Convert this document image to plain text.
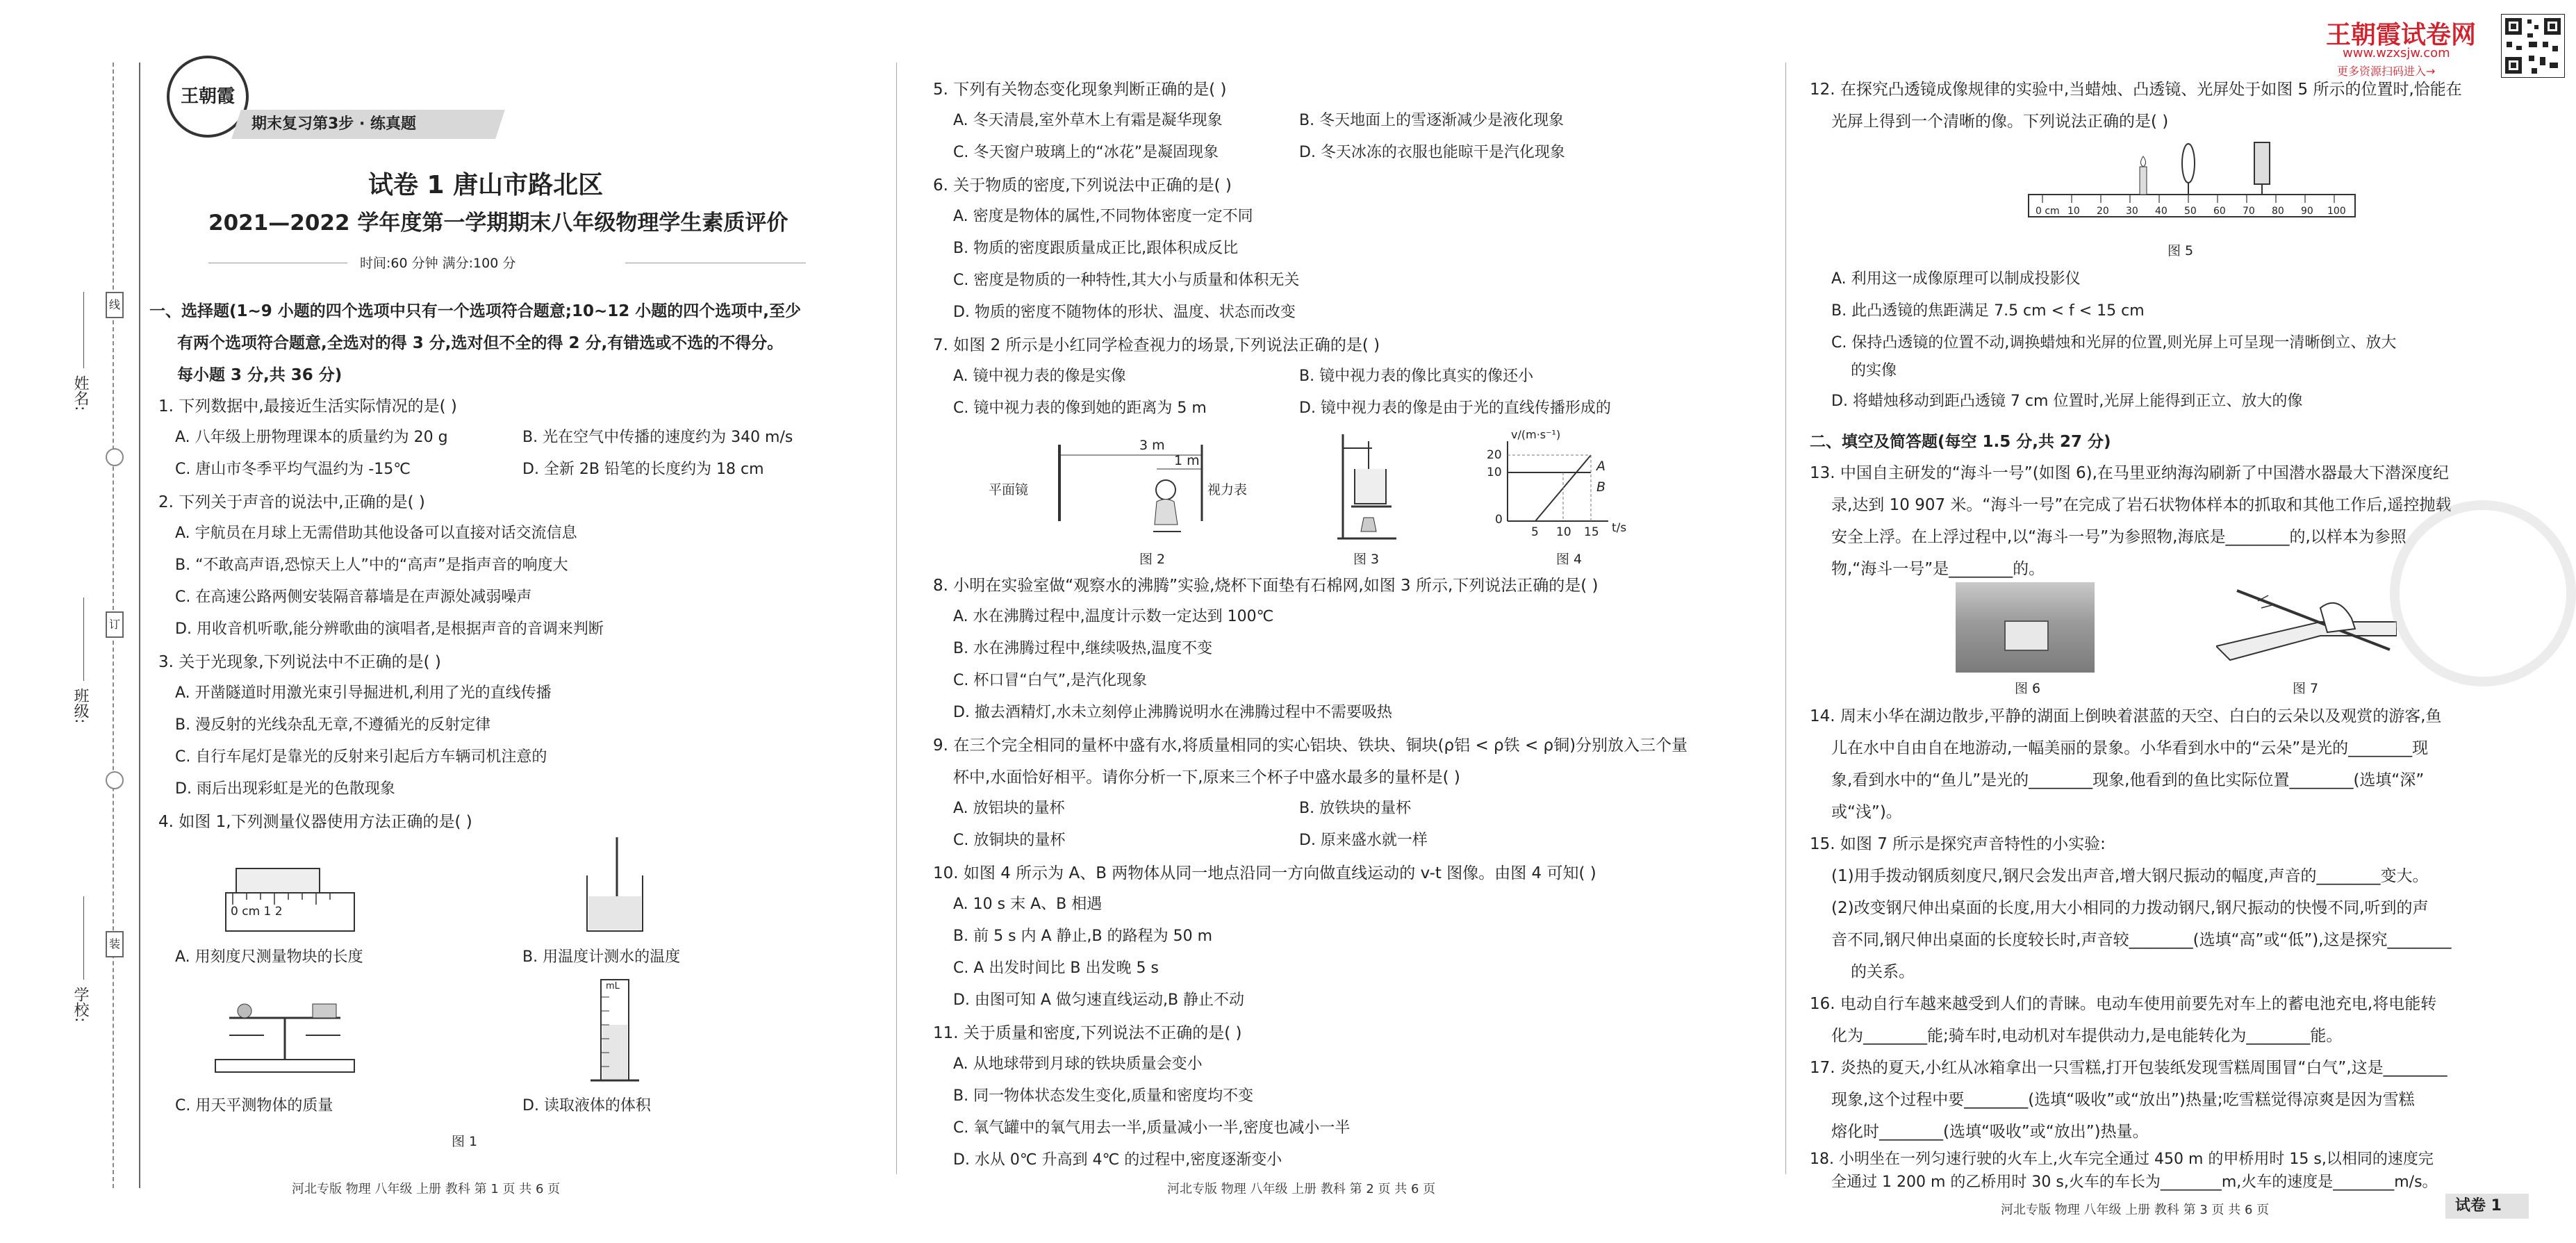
线
订
装
姓名:
班级:
学校:
王朝霞
期末复习第3步 · 练真题
试卷 1 唐山市路北区
2021—2022 学年度第一学期期末八年级物理学生素质评价
时间:60 分钟 满分:100 分
一、选择题(1~9 小题的四个选项中只有一个选项符合题意;10~12 小题的四个选项中,至少
有两个选项符合题意,全选对的得 3 分,选对但不全的得 2 分,有错选或不选的不得分。
每小题 3 分,共 36 分)
1. 下列数据中,最接近生活实际情况的是( )
A. 八年级上册物理课本的质量约为 20 g	B. 光在空气中传播的速度约为 340 m/s
C. 唐山市冬季平均气温约为 -15℃	D. 全新 2B 铅笔的长度约为 18 cm
2. 下列关于声音的说法中,正确的是( )
A. 宇航员在月球上无需借助其他设备可以直接对话交流信息
B. “不敢高声语,恐惊天上人”中的“高声”是指声音的响度大
C. 在高速公路两侧安装隔音幕墙是在声源处减弱噪声
D. 用收音机听歌,能分辨歌曲的演唱者,是根据声音的音调来判断
3. 关于光现象,下列说法中不正确的是( )
A. 开凿隧道时用激光束引导掘进机,利用了光的直线传播
B. 漫反射的光线杂乱无章,不遵循光的反射定律
C. 自行车尾灯是靠光的反射来引起后方车辆司机注意的
D. 雨后出现彩虹是光的色散现象
4. 如图 1,下列测量仪器使用方法正确的是( )
0 cm 1 2
A. 用刻度尺测量物块的长度	B. 用温度计测水的温度
C. 用天平测物体的质量
mL
D. 读取液体的体积
图 1
河北专版 物理 八年级 上册 教科 第 1 页 共 6 页
5. 下列有关物态变化现象判断正确的是( )
A. 冬天清晨,室外草木上有霜是凝华现象	B. 冬天地面上的雪逐渐减少是液化现象
C. 冬天窗户玻璃上的“冰花”是凝固现象	D. 冬天冰冻的衣服也能晾干是汽化现象
6. 关于物质的密度,下列说法中正确的是( )
A. 密度是物体的属性,不同物体密度一定不同
B. 物质的密度跟质量成正比,跟体积成反比
C. 密度是物质的一种特性,其大小与质量和体积无关
D. 物质的密度不随物体的形状、温度、状态而改变
7. 如图 2 所示是小红同学检查视力的场景,下列说法正确的是( )
A. 镜中视力表的像是实像	B. 镜中视力表的像比真实的像还小
C. 镜中视力表的像到她的距离为 5 m	D. 镜中视力表的像是由于光的直线传播形成的
3 m
1 m
平面镜	视力表
图 2	图 3
v/(m·s⁻¹)
20
10
0
5 10 15 t/s
A
B
图 4
8. 小明在实验室做“观察水的沸腾”实验,烧杯下面垫有石棉网,如图 3 所示,下列说法正确的是( )
A. 水在沸腾过程中,温度计示数一定达到 100℃
B. 水在沸腾过程中,继续吸热,温度不变
C. 杯口冒“白气”,是汽化现象
D. 撤去酒精灯,水未立刻停止沸腾说明水在沸腾过程中不需要吸热
9. 在三个完全相同的量杯中盛有水,将质量相同的实心铝块、铁块、铜块(ρ铝 < ρ铁 < ρ铜)分别放入三个量
杯中,水面恰好相平。请你分析一下,原来三个杯子中盛水最多的量杯是( )
A. 放铝块的量杯	B. 放铁块的量杯
C. 放铜块的量杯	D. 原来盛水就一样
10. 如图 4 所示为 A、B 两物体从同一地点沿同一方向做直线运动的 v-t 图像。由图 4 可知( )
A. 10 s 末 A、B 相遇
B. 前 5 s 内 A 静止,B 的路程为 50 m
C. A 出发时间比 B 出发晚 5 s
D. 由图可知 A 做匀速直线运动,B 静止不动
11. 关于质量和密度,下列说法不正确的是( )
A. 从地球带到月球的铁块质量会变小
B. 同一物体状态发生变化,质量和密度均不变
C. 氧气罐中的氧气用去一半,质量减小一半,密度也减小一半
D. 水从 0℃ 升高到 4℃ 的过程中,密度逐渐变小
河北专版 物理 八年级 上册 教科 第 2 页 共 6 页
王朝霞试卷网
www.wzxsjw.com
更多资源扫码进入→
12. 在探究凸透镜成像规律的实验中,当蜡烛、凸透镜、光屏处于如图 5 所示的位置时,恰能在
光屏上得到一个清晰的像。下列说法正确的是( )
0 cm 10 20 30 40 50 60 70 80 90 100
图 5
A. 利用这一成像原理可以制成投影仪
B. 此凸透镜的焦距满足 7.5 cm < f < 15 cm
C. 保持凸透镜的位置不动,调换蜡烛和光屏的位置,则光屏上可呈现一清晰倒立、放大
的实像
D. 将蜡烛移动到距凸透镜 7 cm 位置时,光屏上能得到正立、放大的像
二、填空及简答题(每空 1.5 分,共 27 分)
13. 中国自主研发的“海斗一号”(如图 6),在马里亚纳海沟刷新了中国潜水器最大下潜深度纪
录,达到 10 907 米。“海斗一号”在完成了岩石状物体样本的抓取和其他工作后,遥控抛载
安全上浮。在上浮过程中,以“海斗一号”为参照物,海底是________的,以样本为参照
物,“海斗一号”是________的。
图 6	图 7
14. 周末小华在湖边散步,平静的湖面上倒映着湛蓝的天空、白白的云朵以及观赏的游客,鱼
儿在水中自由自在地游动,一幅美丽的景象。小华看到水中的“云朵”是光的________现
象,看到水中的“鱼儿”是光的________现象,他看到的鱼比实际位置________(选填“深”
或“浅”)。
15. 如图 7 所示是探究声音特性的小实验:
(1)用手拨动钢质刻度尺,钢尺会发出声音,增大钢尺振动的幅度,声音的________变大。
(2)改变钢尺伸出桌面的长度,用大小相同的力拨动钢尺,钢尺振动的快慢不同,听到的声
音不同,钢尺伸出桌面的长度较长时,声音较________(选填“高”或“低”),这是探究________
的关系。
16. 电动自行车越来越受到人们的青睐。电动车使用前要先对车上的蓄电池充电,将电能转
化为________能;骑车时,电动机对车提供动力,是电能转化为________能。
17. 炎热的夏天,小红从冰箱拿出一只雪糕,打开包装纸发现雪糕周围冒“白气”,这是________
现象,这个过程中要________(选填“吸收”或“放出”)热量;吃雪糕觉得凉爽是因为雪糕
熔化时________(选填“吸收”或“放出”)热量。
18. 小明坐在一列匀速行驶的火车上,火车完全通过 450 m 的甲桥用时 15 s,以相同的速度完
全通过 1 200 m 的乙桥用时 30 s,火车的车长为________m,火车的速度是________m/s。
河北专版 物理 八年级 上册 教科 第 3 页 共 6 页	试卷 1
